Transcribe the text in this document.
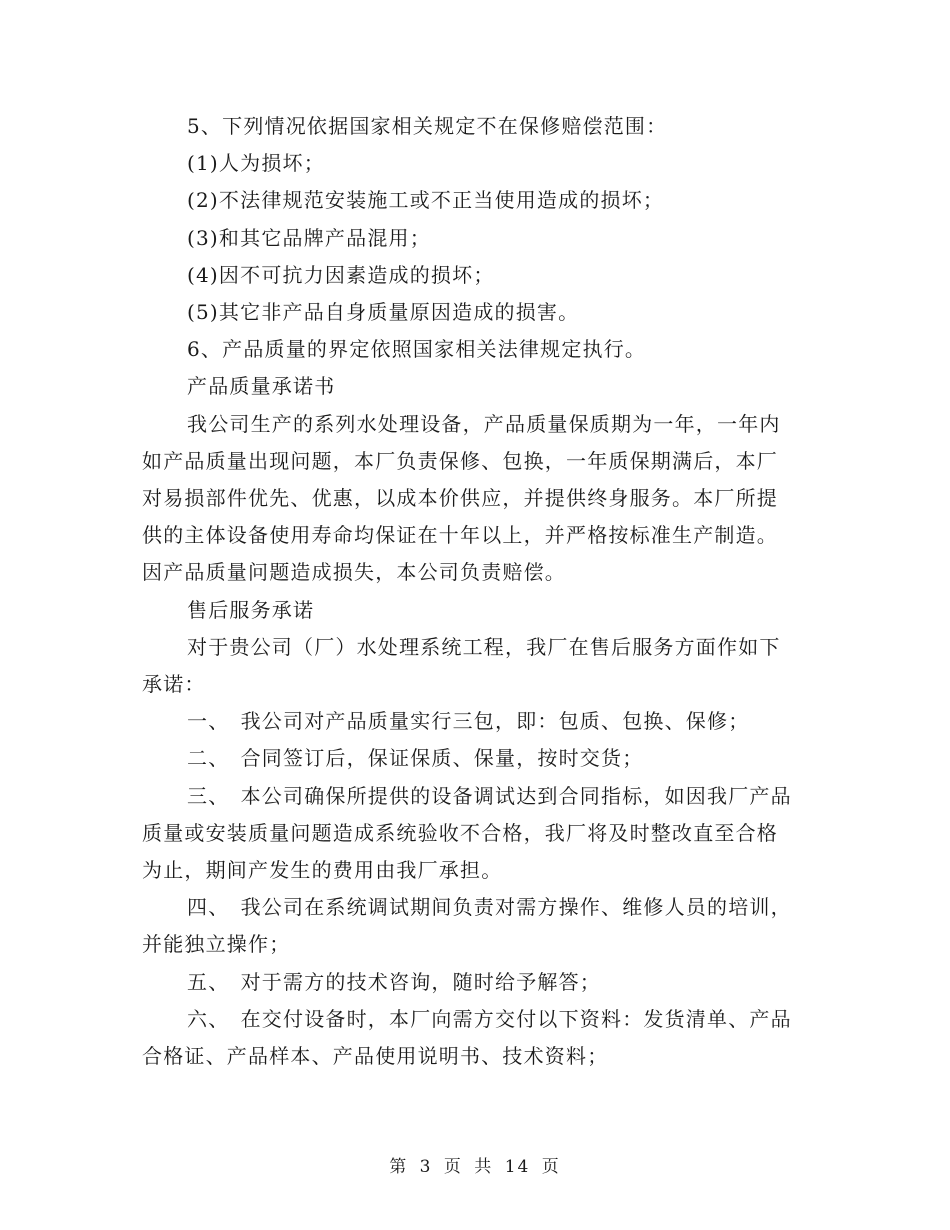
5、下列情况依据国家相关规定不在保修赔偿范围：
(1)人为损坏；
(2)不法律规范安装施工或不正当使用造成的损坏；
(3)和其它品牌产品混用；
(4)因不可抗力因素造成的损坏；
(5)其它非产品自身质量原因造成的损害。
6、产品质量的界定依照国家相关法律规定执行。
产品质量承诺书
我公司生产的系列水处理设备，产品质量保质期为一年，一年内
如产品质量出现问题，本厂负责保修、包换，一年质保期满后，本厂
对易损部件优先、优惠，以成本价供应，并提供终身服务。本厂所提
供的主体设备使用寿命均保证在十年以上，并严格按标准生产制造。
因产品质量问题造成损失，本公司负责赔偿。
售后服务承诺
对于贵公司（厂）水处理系统工程，我厂在售后服务方面作如下
承诺：
一、　我公司对产品质量实行三包，即：包质、包换、保修；
二、　合同签订后，保证保质、保量，按时交货；
三、　本公司确保所提供的设备调试达到合同指标，如因我厂产品
质量或安装质量问题造成系统验收不合格，我厂将及时整改直至合格
为止，期间产发生的费用由我厂承担。
四、　我公司在系统调试期间负责对需方操作、维修人员的培训，
并能独立操作；
五、　对于需方的技术咨询，随时给予解答；
六、　在交付设备时，本厂向需方交付以下资料：发货清单、产品
合格证、产品样本、产品使用说明书、技术资料；
第 3 页 共 14 页
